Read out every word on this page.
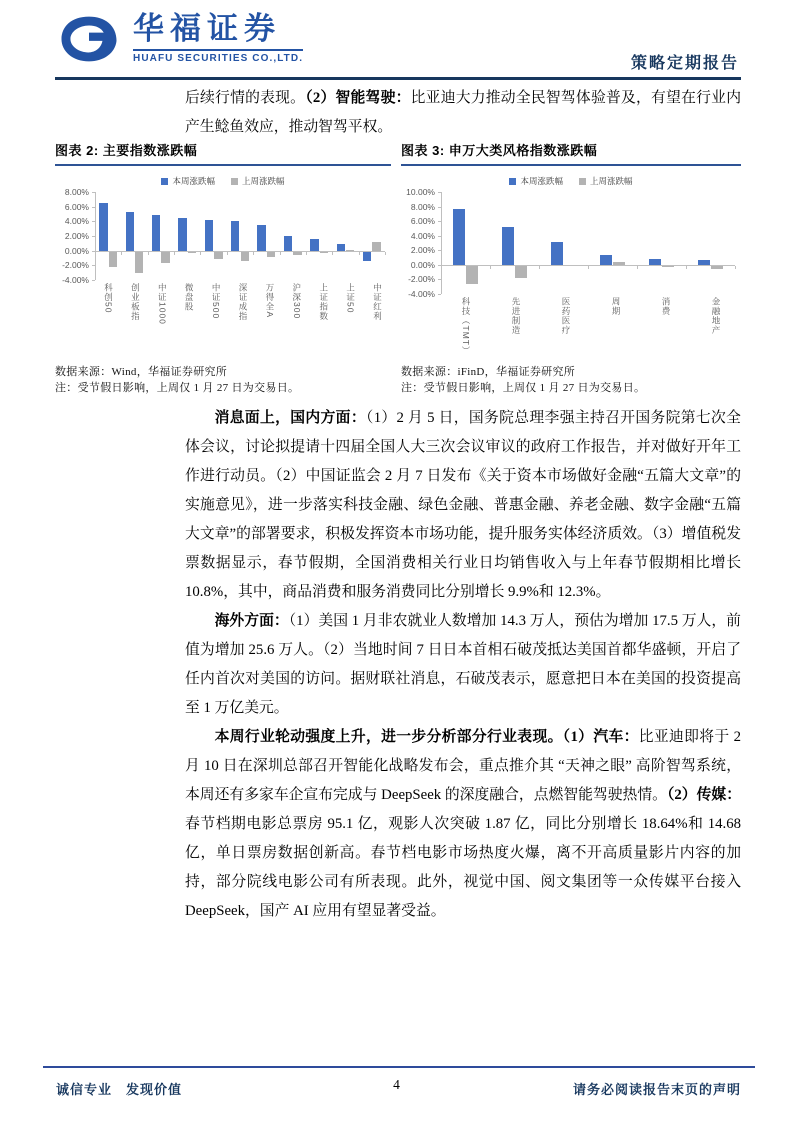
华福证券
HUAFU SECURITIES CO.,LTD.	策略定期报告

后续行情的表现。（2）智能驾驶：比亚迪大力推动全民智驾体验普及，有望在行业内产生鲶鱼效应，推动智驾平权。

消息面上，国内方面：（1）2 月 5 日，国务院总理李强主持召开国务院第七次全体会议，讨论拟提请十四届全国人大三次会议审议的政府工作报告，并对做好开年工作进行动员。（2）中国证监会 2 月 7 日发布《关于资本市场做好金融“五篇大文章”的实施意见》，进一步落实科技金融、绿色金融、普惠金融、养老金融、数字金融“五篇大文章”的部署要求，积极发挥资本市场功能，提升服务实体经济质效。（3）增值税发票数据显示，春节假期，全国消费相关行业日均销售收入与上年春节假期相比增长 10.8%，其中，商品消费和服务消费同比分别增长 9.9%和 12.3%。

海外方面：（1）美国 1 月非农就业人数增加 14.3 万人，预估为增加 17.5 万人，前值为增加 25.6 万人。（2）当地时间 7 日日本首相石破茂抵达美国首都华盛顿，开启了任内首次对美国的访问。据财联社消息，石破茂表示，愿意把日本在美国的投资提高至 1 万亿美元。

本周行业轮动强度上升，进一步分析部分行业表现。（1）汽车：比亚迪即将于 2 月 10 日在深圳总部召开智能化战略发布会，重点推介其 “天神之眼” 高阶智驾系统，本周还有多家车企宣布完成与 DeepSeek 的深度融合，点燃智能驾驶热情。（2）传媒：春节档期电影总票房 95.1 亿，观影人次突破 1.87 亿，同比分别增长 18.64%和 14.68 亿，单日票房数据创新高。春节档电影市场热度火爆，离不开高质量影片内容的加持，部分院线电影公司有所表现。此外，视觉中国、阅文集团等一众传媒平台接入 DeepSeek，国产 AI 应用有望显著受益。

图表 2: 主要指数涨跌幅
本周涨跌幅	上周涨跌幅
8.00%
6.00%
4.00%
2.00%
0.00%
-2.00%
-4.00%
科创50 创业板指 中证1000 微盘股 中证500 深证成指 万得全A 沪深300 上证指数 上证50 中证红利
数据来源：Wind，华福证券研究所
注：受节假日影响，上周仅 1 月 27 日为交易日。
图表 3: 申万大类风格指数涨跌幅
本周涨跌幅	上周涨跌幅
10.00%
8.00%
6.00%
4.00%
2.00%
0.00%
-2.00%
-4.00%
科技（TMT）	先进制造	医药医疗	周期	消费	金融地产
数据来源：iFinD，华福证券研究所
注：受节假日影响，上周仅 1 月 27 日为交易日。
诚信专业　发现价值	4	请务必阅读报告末页的声明
